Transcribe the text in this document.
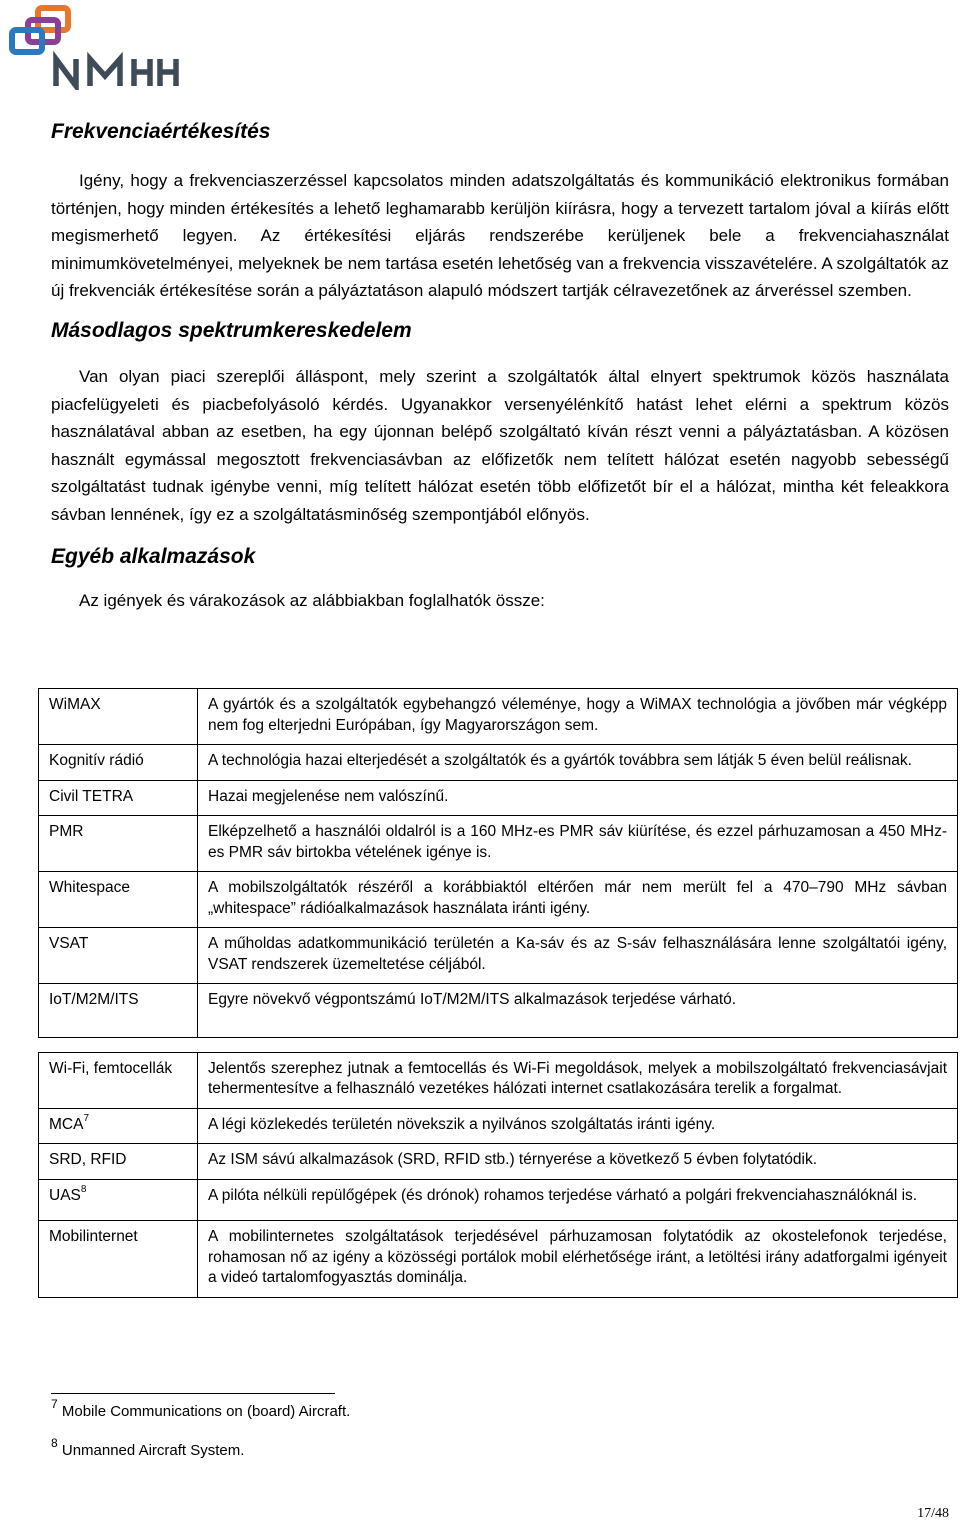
Frekvenciaértékesítés

Igény, hogy a frekvenciaszerzéssel kapcsolatos minden adatszolgáltatás és kommunikáció elektronikus formában történjen, hogy minden értékesítés a lehető leghamarabb kerüljön kiírásra, hogy a tervezett tartalom jóval a kiírás előtt megismerhető legyen. Az értékesítési eljárás rendszerébe kerüljenek bele a frekvenciahasználat minimumkövetelményei, melyeknek be nem tartása esetén lehetőség van a frekvencia visszavételére. A szolgáltatók az új frekvenciák értékesítése során a pályáztatáson alapuló módszert tartják célravezetőnek az árveréssel szemben.

Másodlagos spektrumkereskedelem

Van olyan piaci szereplői álláspont, mely szerint a szolgáltatók által elnyert spektrumok közös használata piacfelügyeleti és piacbefolyásoló kérdés. Ugyanakkor versenyélénkítő hatást lehet elérni a spektrum közös használatával abban az esetben, ha egy újonnan belépő szolgáltató kíván részt venni a pályáztatásban. A közösen használt egymással megosztott frekvenciasávban az előfizetők nem telített hálózat esetén nagyobb sebességű szolgáltatást tudnak igénybe venni, míg telített hálózat esetén több előfizetőt bír el a hálózat, mintha két feleakkora sávban lennének, így ez a szolgáltatásminőség szempontjából előnyös.

Egyéb alkalmazások

Az igények és várakozások az alábbiakban foglalhatók össze:

WiMAX	A gyártók és a szolgáltatók egybehangzó véleménye, hogy a WiMAX technológia a jövőben már végképp nem fog elterjedni Európában, így Magyarországon sem.
Kognitív rádió	A technológia hazai elterjedését a szolgáltatók és a gyártók továbbra sem látják 5 éven belül reálisnak.
Civil TETRA	Hazai megjelenése nem valószínű.
PMR	Elképzelhető a használói oldalról is a 160 MHz-es PMR sáv kiürítése, és ezzel párhuzamosan a 450 MHz-es PMR sáv birtokba vételének igénye is.
Whitespace	A mobilszolgáltatók részéről a korábbiaktól eltérően már nem merült fel a 470–790 MHz sávban „whitespace” rádióalkalmazások használata iránti igény.
VSAT	A műholdas adatkommunikáció területén a Ka-sáv és az S-sáv felhasználására lenne szolgáltatói igény, VSAT rendszerek üzemeltetése céljából.
IoT/M2M/ITS	Egyre növekvő végpontszámú IoT/M2M/ITS alkalmazások terjedése várható.

Wi-Fi, femtocellák	Jelentős szerephez jutnak a femtocellás és Wi-Fi megoldások, melyek a mobilszolgáltató frekvenciasávjait tehermentesítve a felhasználó vezetékes hálózati internet csatlakozására terelik a forgalmat.
MCA$^7$	A légi közlekedés területén növekszik a nyilvános szolgáltatás iránti igény.
SRD, RFID	Az ISM sávú alkalmazások (SRD, RFID stb.) térnyerése a következő 5 évben folytatódik.
UAS$^8$	A pilóta nélküli repülőgépek (és drónok) rohamos terjedése várható a polgári frekvenciahasználóknál is.
Mobilinternet	A mobilinternetes szolgáltatások terjedésével párhuzamosan folytatódik az okostelefonok terjedése, rohamosan nő az igény a közösségi portálok mobil elérhetősége iránt, a letöltési irány adatforgalmi igényeit a videó tartalomfogyasztás dominálja.
$^7$ Mobile Communications on (board) Aircraft.
$^8$ Unmanned Aircraft System.
17/48
